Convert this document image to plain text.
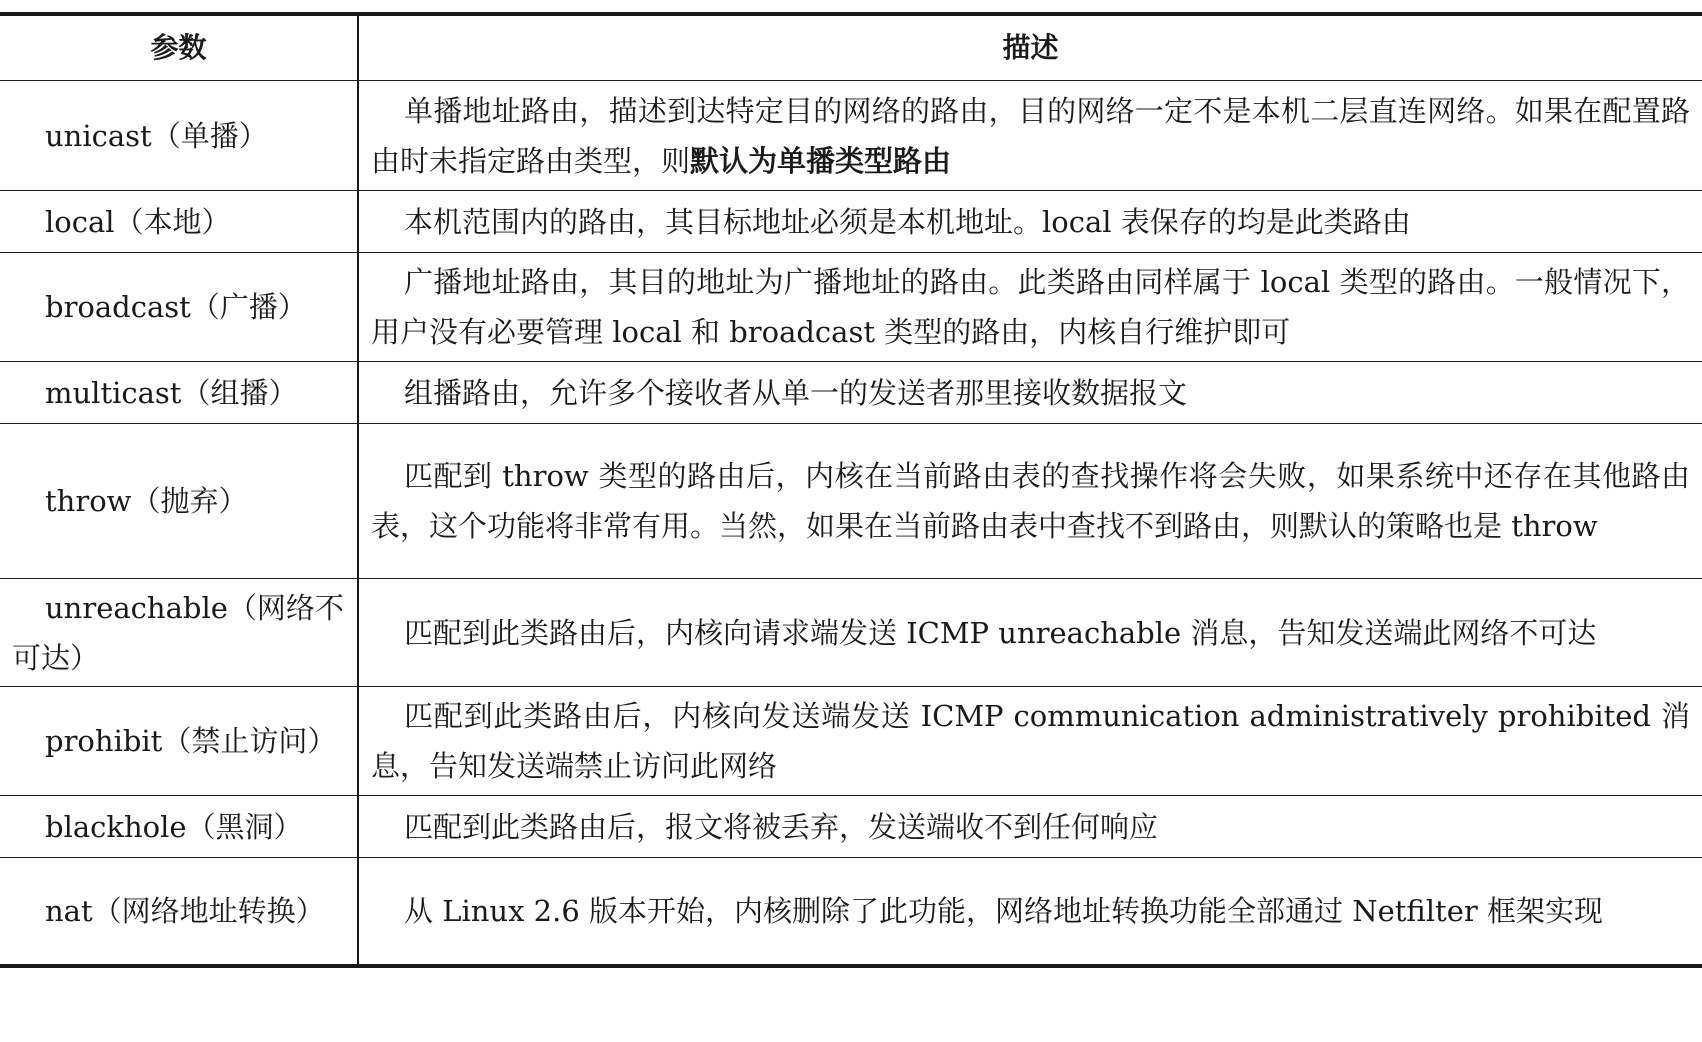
参数	描述
unicast（单播）	单播地址路由，描述到达特定目的网络的路由，目的网络一定不是本机二层直连网络。如果在配置路由时未指定路由类型，则默认为单播类型路由
local（本地）	本机范围内的路由，其目标地址必须是本机地址。local 表保存的均是此类路由
broadcast（广播）	广播地址路由，其目的地址为广播地址的路由。此类路由同样属于 local 类型的路由。一般情况下，用户没有必要管理 local 和 broadcast 类型的路由，内核自行维护即可
multicast（组播）	组播路由，允许多个接收者从单一的发送者那里接收数据报文
throw（抛弃）	匹配到 throw 类型的路由后，内核在当前路由表的查找操作将会失败，如果系统中还存在其他路由表，这个功能将非常有用。当然，如果在当前路由表中查找不到路由，则默认的策略也是 throw
unreachable（网络不可达）	匹配到此类路由后，内核向请求端发送 ICMP unreachable 消息，告知发送端此网络不可达
prohibit（禁止访问）	匹配到此类路由后，内核向发送端发送 ICMP communication administratively prohibited 消息，告知发送端禁止访问此网络
blackhole（黑洞）	匹配到此类路由后，报文将被丢弃，发送端收不到任何响应
nat（网络地址转换）	从 Linux 2.6 版本开始，内核删除了此功能，网络地址转换功能全部通过 Netfilter 框架实现
